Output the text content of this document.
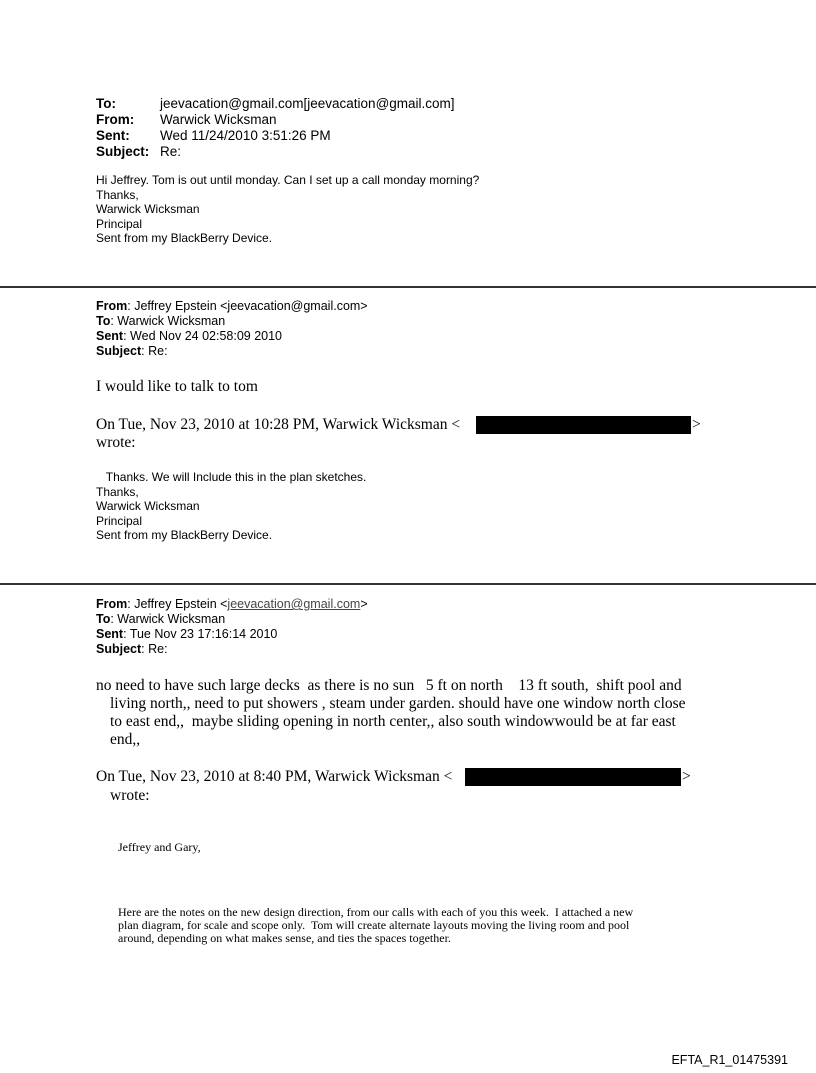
To:	jeevacation@gmail.com[jeevacation@gmail.com]
From:	Warwick Wicksman
Sent:	Wed 11/24/2010 3:51:26 PM
Subject: Re:
Hi Jeffrey. Tom is out until monday. Can I set up a call monday morning?
Thanks,
Warwick Wicksman
Principal
Sent from my BlackBerry Device.
From: Jeffrey Epstein <jeevacation@gmail.com>
To: Warwick Wicksman
Sent: Wed Nov 24 02:58:09 2010
Subject: Re:
I would like to talk to tom
On Tue, Nov 23, 2010 at 10:28 PM, Warwick Wicksman <	>
wrote:
Thanks. We will Include this in the plan sketches.
Thanks,
Warwick Wicksman
Principal
Sent from my BlackBerry Device.
From: Jeffrey Epstein <jeevacation@gmail.com>
To: Warwick Wicksman
Sent: Tue Nov 23 17:16:14 2010
Subject: Re:
no need to have such large decks  as there is no sun   5 ft on north    13 ft south,  shift pool and
living north,, need to put showers , steam under garden. should have one window north close
to east end,,  maybe sliding opening in north center,, also south windowwould be at far east
end,,
On Tue, Nov 23, 2010 at 8:40 PM, Warwick Wicksman <	>
wrote:
Jeffrey and Gary,
Here are the notes on the new design direction, from our calls with each of you this week.  I attached a new
plan diagram, for scale and scope only.  Tom will create alternate layouts moving the living room and pool
around, depending on what makes sense, and ties the spaces together.
EFTA_R1_01475391
